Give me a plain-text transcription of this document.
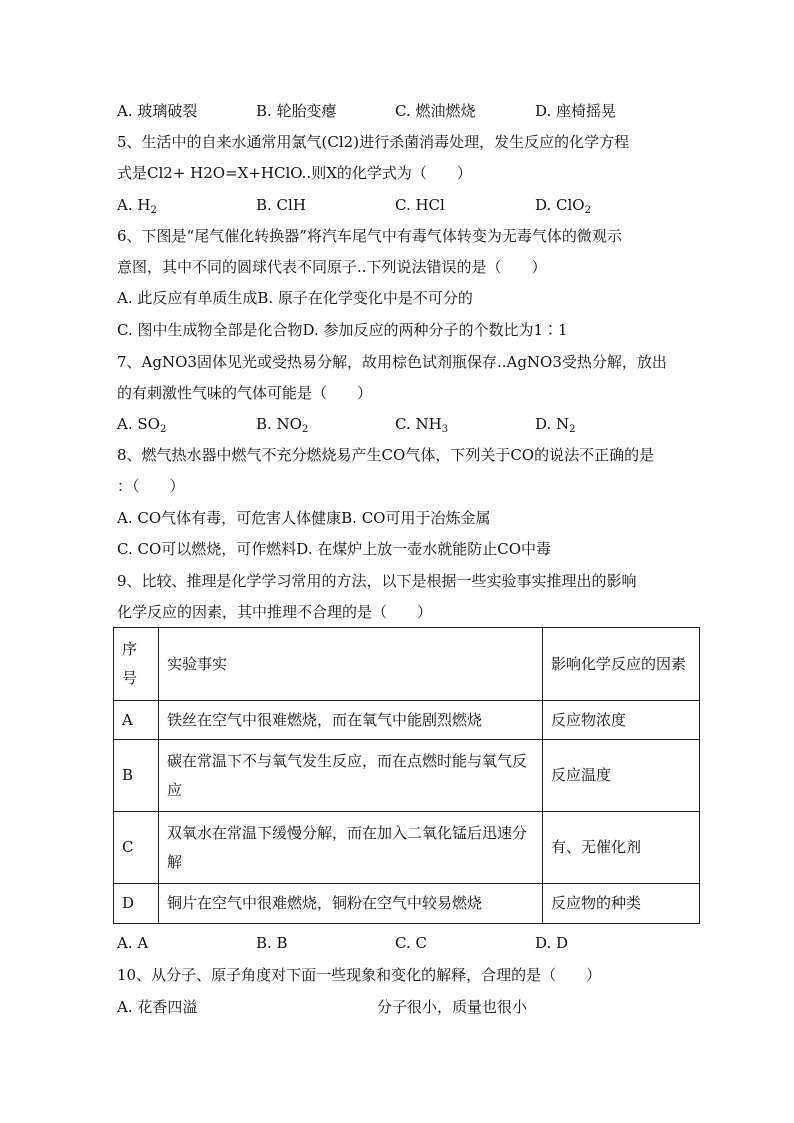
A. 玻璃破裂	B. 轮胎变瘪	C. 燃油燃烧	D. 座椅摇晃
5、生活中的自来水通常用氯气(Cl2)进行杀菌消毒处理，发生反应的化学方程
式是Cl2+ H2O=X+HClO..则X的化学式为（　　）
A. $H_2$	B. ClH	C. HCl	D. ClO$_2$
6、下图是“尾气催化转换器”将汽车尾气中有毒气体转变为无毒气体的微观示
意图，其中不同的圆球代表不同原子..下列说法错误的是（　　）
A. 此反应有单质生成B. 原子在化学变化中是不可分的
C. 图中生成物全部是化合物D. 参加反应的两种分子的个数比为1∶1
7、AgNO3固体见光或受热易分解，故用棕色试剂瓶保存..AgNO3受热分解，放出
的有刺激性气味的气体可能是（　　）
A. $SO_2$	B. $NO_2$	C. $NH_3$	D. $N_2$
8、燃气热水器中燃气不充分燃烧易产生CO气体，下列关于CO的说法不正确的是
：（　　）
A. CO气体有毒，可危害人体健康B. CO可用于冶炼金属
C. CO可以燃烧，可作燃料D. 在煤炉上放一壶水就能防止CO中毒
9、比较、推理是化学学习常用的方法，以下是根据一些实验事实推理出的影响
化学反应的因素，其中推理不合理的是（　　）
序号	实验事实	影响化学反应的因素
A	铁丝在空气中很难燃烧，而在氧气中能剧烈燃烧	反应物浓度
B	碳在常温下不与氧气发生反应，而在点燃时能与氧气反应	反应温度
C	双氧水在常温下缓慢分解，而在加入二氧化锰后迅速分解	有、无催化剂
D	铜片在空气中很难燃烧，铜粉在空气中较易燃烧	反应物的种类
A. A	B. B	C. C	D. D
10、从分子、原子角度对下面一些现象和变化的解释，合理的是（　　）
A. 花香四溢	分子很小，质量也很小
